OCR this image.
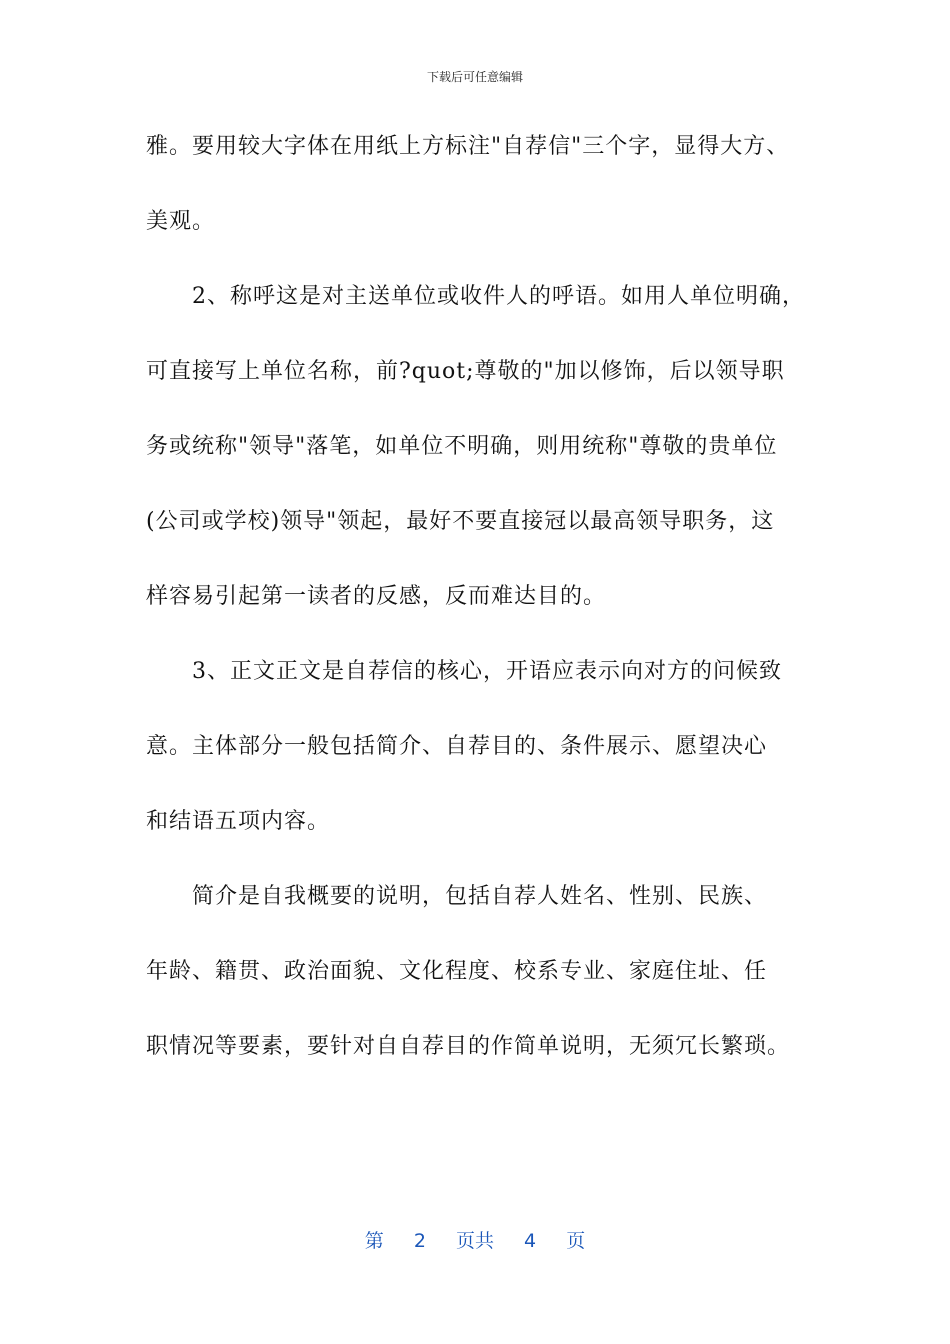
下载后可任意编辑
雅。要用较大字体在用纸上方标注"自荐信"三个字，显得大方、
美观。
2、称呼这是对主送单位或收件人的呼语。如用人单位明确，
可直接写上单位名称，前?quot;尊敬的"加以修饰，后以领导职
务或统称"领导"落笔，如单位不明确，则用统称"尊敬的贵单位
(公司或学校)领导"领起，最好不要直接冠以最高领导职务，这
样容易引起第一读者的反感，反而难达目的。
3、正文正文是自荐信的核心，开语应表示向对方的问候致
意。主体部分一般包括简介、自荐目的、条件展示、愿望决心
和结语五项内容。
简介是自我概要的说明，包括自荐人姓名、性别、民族、
年龄、籍贯、政治面貌、文化程度、校系专业、家庭住址、任
职情况等要素，要针对自自荐目的作简单说明，无须冗长繁琐。
第 2 页共 4 页
